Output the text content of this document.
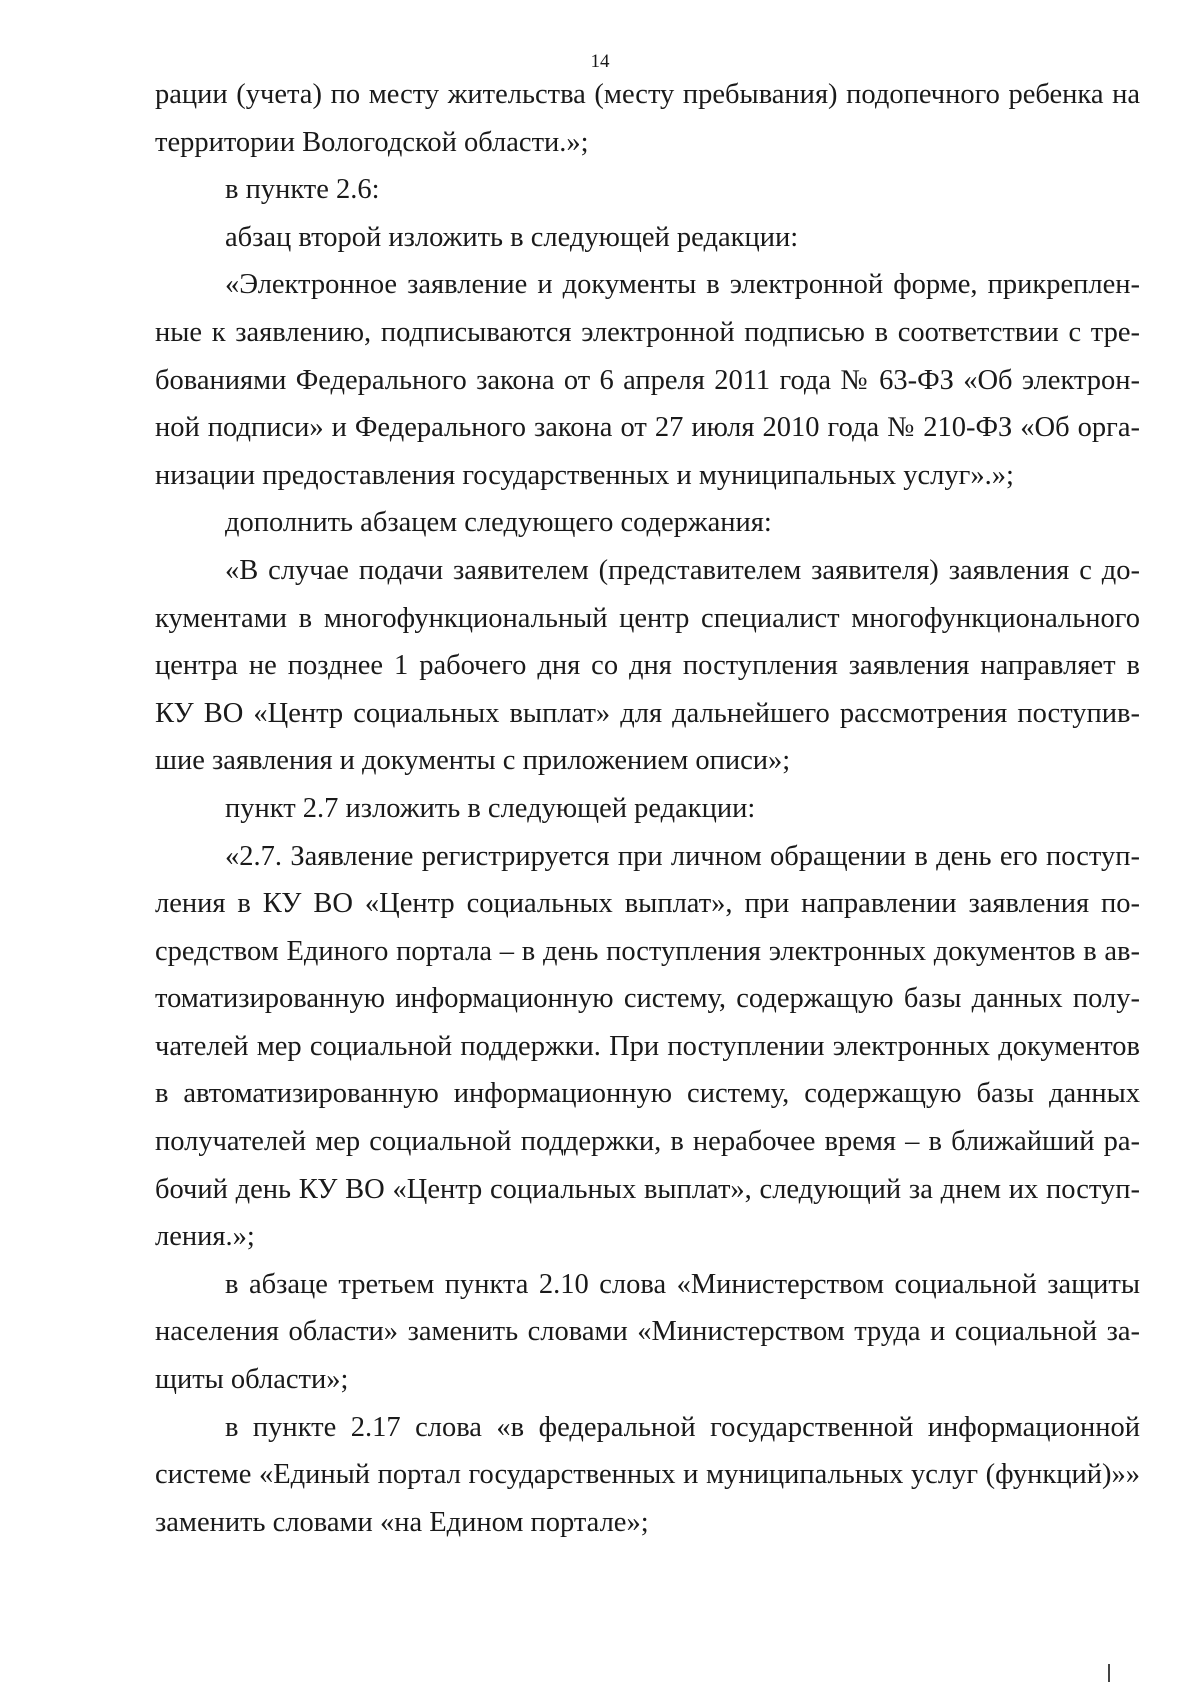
14

рации (учета) по месту жительства (месту пребывания) подопечного ребенка на территории Вологодской области.»;

в пункте 2.6:

абзац второй изложить в следующей редакции:

«Электронное заявление и документы в электронной форме, прикрепленные к заявлению, подписываются электронной подписью в соответствии с требованиями Федерального закона от 6 апреля 2011 года № 63-ФЗ «Об электронной подписи» и Федерального закона от 27 июля 2010 года № 210-ФЗ «Об организации предоставления государственных и муниципальных услуг».»;

дополнить абзацем следующего содержания:

«В случае подачи заявителем (представителем заявителя) заявления с документами в многофункциональный центр специалист многофункционального центра не позднее 1 рабочего дня со дня поступления заявления направляет в КУ ВО «Центр социальных выплат» для дальнейшего рассмотрения поступившие заявления и документы с приложением описи»;

пункт 2.7 изложить в следующей редакции:

«2.7. Заявление регистрируется при личном обращении в день его поступления в КУ ВО «Центр социальных выплат», при направлении заявления посредством Единого портала – в день поступления электронных документов в автоматизированную информационную систему, содержащую базы данных получателей мер социальной поддержки. При поступлении электронных документов в автоматизированную информационную систему, содержащую базы данных получателей мер социальной поддержки, в нерабочее время – в ближайший рабочий день КУ ВО «Центр социальных выплат», следующий за днем их поступления.»;

в абзаце третьем пункта 2.10 слова «Министерством социальной защиты населения области» заменить словами «Министерством труда и социальной защиты области»;

в пункте 2.17 слова «в федеральной государственной информационной системе «Единый портал государственных и муниципальных услуг (функций)»» заменить словами «на Едином портале»;
